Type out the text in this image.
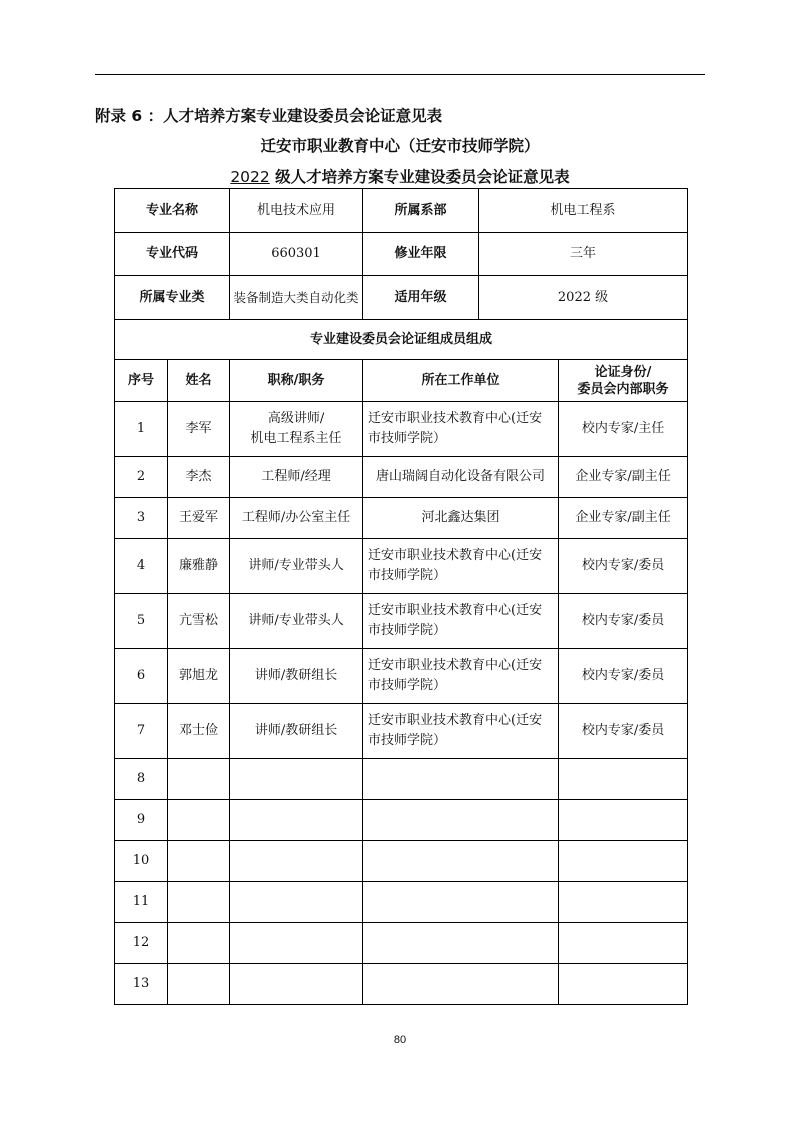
附录 6 ：人才培养方案专业建设委员会论证意见表
迁安市职业教育中心（迁安市技师学院）
2022 级人才培养方案专业建设委员会论证意见表
专业名称		机电技术应用	所属系部 机电工程系	

专业代码		660301	修业年限 三年	

所属专业类		装备制造大类自动化类	适用年级 2022 级	

专业建设委员会论证组成员组成				
序号	姓名	职称/职务	所在工作单位	论证身份/
委员会内部职务

1	李军	高级讲师/
机电工程系主任	迁安市职业技术教育中心(迁安市技师学院）	校内专家/主任
2	李杰	工程师/经理	唐山瑞阔自动化设备有限公司	企业专家/副主任
3	王爱军	工程师/办公室主任	河北鑫达集团	企业专家/副主任
4	廉雅静	讲师/专业带头人	迁安市职业技术教育中心(迁安市技师学院）	校内专家/委员
5	亢雪松	讲师/专业带头人	迁安市职业技术教育中心(迁安市技师学院）	校内专家/委员
6	郭旭龙	讲师/教研组长	迁安市职业技术教育中心(迁安市技师学院）	校内专家/委员
7	邓士俭	讲师/教研组长	迁安市职业技术教育中心(迁安市技师学院）	校内专家/委员
8				
9				
10				
11				
12				
13				
80
